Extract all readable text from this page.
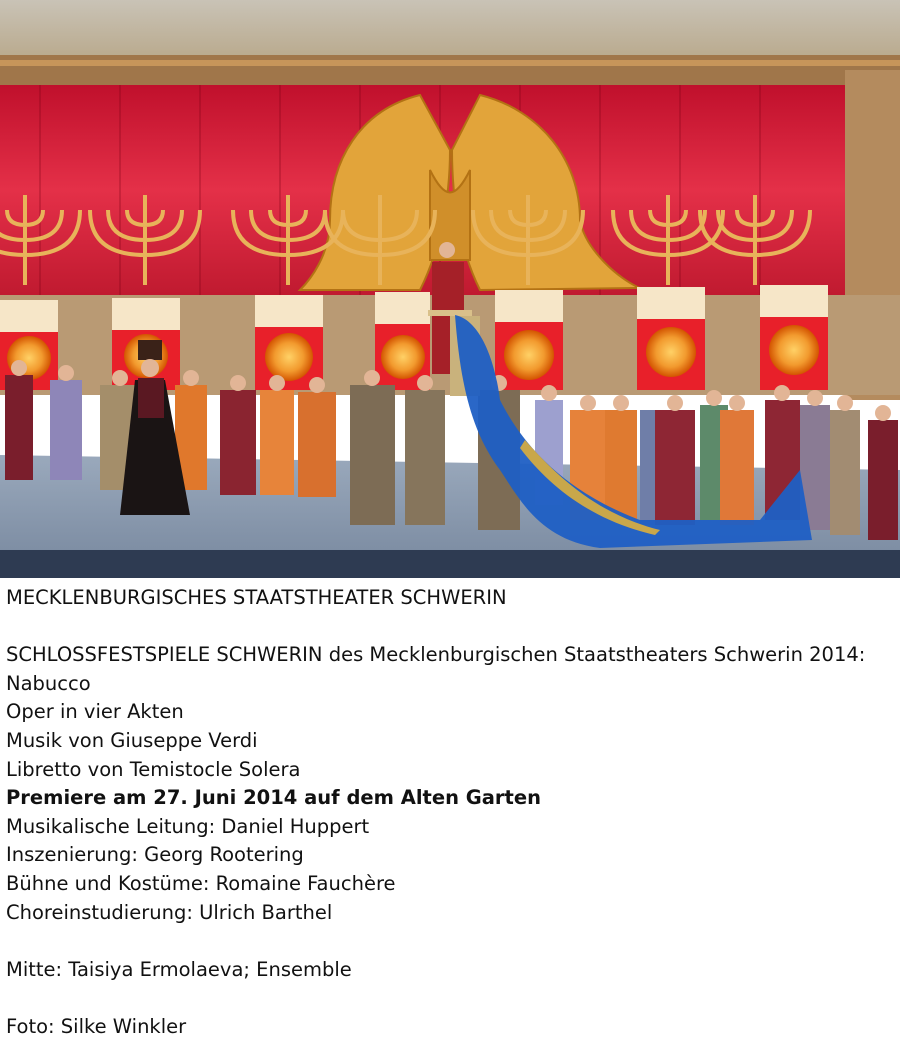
MECKLENBURGISCHES STAATSTHEATER SCHWERIN
SCHLOSSFESTSPIELE SCHWERIN des Mecklenburgischen Staatstheaters Schwerin 2014: Nabucco
Oper in vier Akten
Musik von Giuseppe Verdi
Libretto von Temistocle Solera
Premiere am 27. Juni 2014 auf dem Alten Garten
Musikalische Leitung: Daniel Huppert
Inszenierung: Georg Rootering
Bühne und Kostüme: Romaine Fauchère
Choreinstudierung: Ulrich Barthel
Mitte: Taisiya Ermolaeva; Ensemble
Foto: Silke Winkler
